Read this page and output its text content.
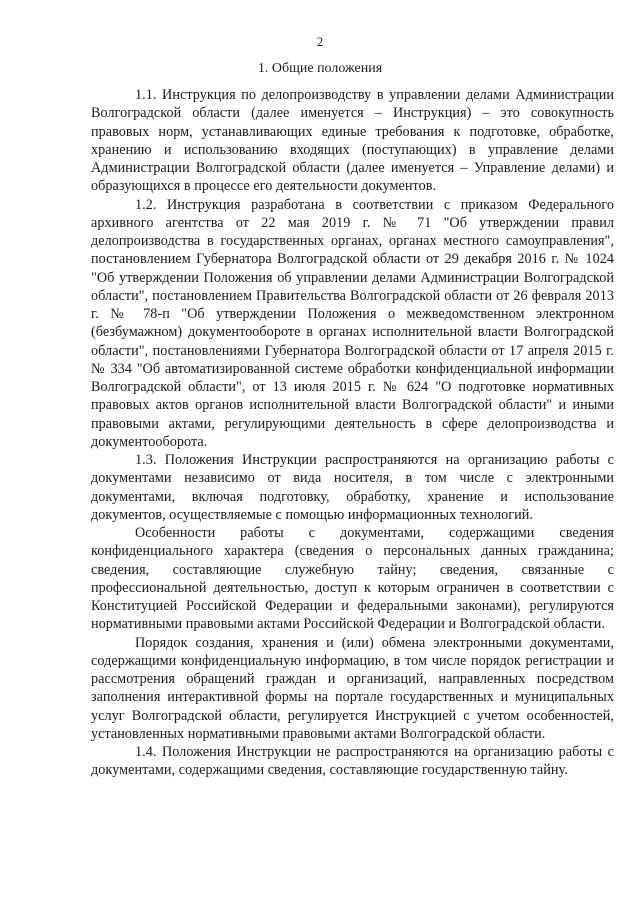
2
1. Общие положения

1.1. Инструкция по делопроизводству в управлении делами Администрации Волгоградской области (далее именуется – Инструкция) – это совокупность правовых норм, устанавливающих единые требования к подготовке, обработке, хранению и использованию входящих (поступающих) в управление делами Администрации Волгоградской области (далее именуется – Управление делами) и образующихся в процессе его деятельности документов.

1.2. Инструкция разработана в соответствии с приказом Федерального архивного агентства от 22 мая 2019 г. № 71 "Об утверждении правил делопроизводства в государственных органах, органах местного самоуправления", постановлением Губернатора Волгоградской области от 29 декабря 2016 г. № 1024 "Об утверждении Положения об управлении делами Администрации Волгоградской области", постановлением Правительства Волгоградской области от 26 февраля 2013 г. № 78-п "Об утверждении Положения о межведомственном электронном (безбумажном) документообороте в органах исполнительной власти Волгоградской области", постановлениями Губернатора Волгоградской области от 17 апреля 2015 г. № 334 "Об автоматизированной системе обработки конфиденциальной информации Волгоградской области", от 13 июля 2015 г. № 624 "О подготовке нормативных правовых актов органов исполнительной власти Волгоградской области" и иными правовыми актами, регулирующими деятельность в сфере делопроизводства и документооборота.

1.3. Положения Инструкции распространяются на организацию работы с документами независимо от вида носителя, в том числе с электронными документами, включая подготовку, обработку, хранение и использование документов, осуществляемые с помощью информационных технологий.

Особенности работы с документами, содержащими сведения конфиденциального характера (сведения о персональных данных гражданина; сведения, составляющие служебную тайну; сведения, связанные с профессиональной деятельностью, доступ к которым ограничен в соответствии с Конституцией Российской Федерации и федеральными законами), регулируются нормативными правовыми актами Российской Федерации и Волгоградской области.

Порядок создания, хранения и (или) обмена электронными документами, содержащими конфиденциальную информацию, в том числе порядок регистрации и рассмотрения обращений граждан и организаций, направленных посредством заполнения интерактивной формы на портале государственных и муниципальных услуг Волгоградской области, регулируется Инструкцией с учетом особенностей, установленных нормативными правовыми актами Волгоградской области.

1.4. Положения Инструкции не распространяются на организацию работы с документами, содержащими сведения, составляющие государственную тайну.
